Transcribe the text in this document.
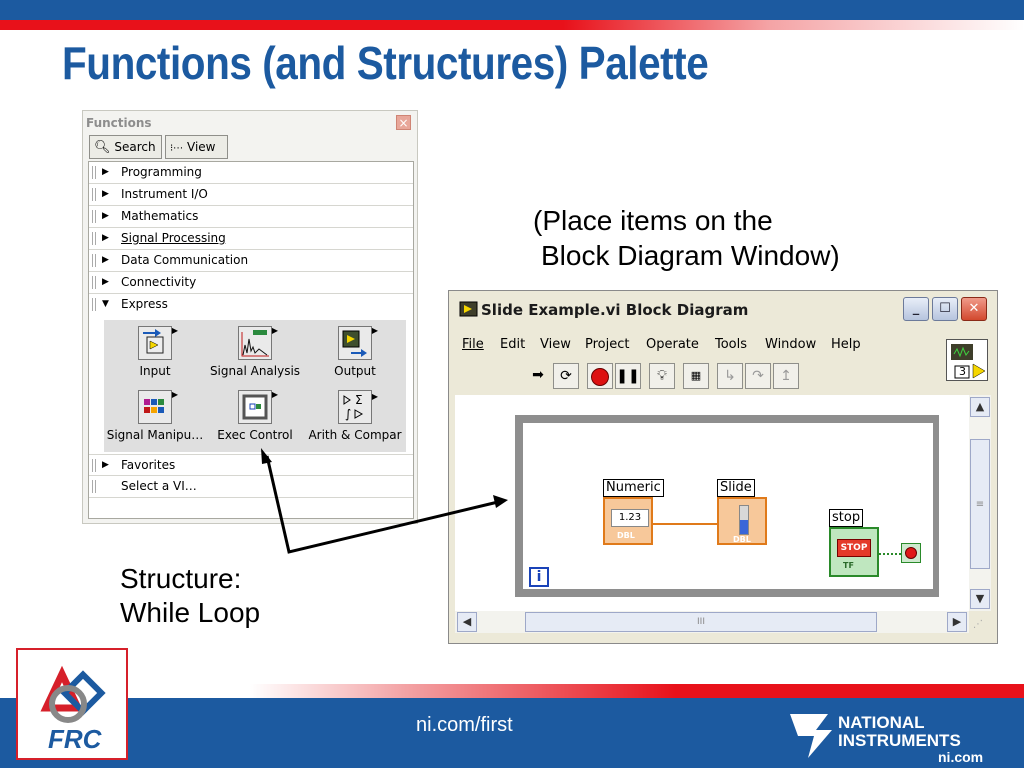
Functions (and Structures) Palette
Functions	×
🔍︎ Search	⁝⋯ View
▶ Programming
▶ Instrument I/O
▶ Mathematics
▶ Signal Processing
▶ Data Communication
▶ Connectivity
▼ Express
▶
Input
▶
Signal Analysis
▶
Output
▶
Signal Manipu…
▶
Exec Control
Σ
∫
▶
Arith & Compar
▶ Favorites
Select a VI…
(Place items on the
Block Diagram Window)
Structure:
While Loop
Slide Example.vi Block Diagram	_	☐	✕
File Edit View Project Operate Tools Window Help
3
➡	⟳	❚❚	💡︎	▦	↳	↷	↥
i
Numeric
1.23
DBL
Slide
DBL
stop
STOP
TF
▲
≡
▼
◀	III	▶	⋰
ni.com/first
FRC
NATIONAL
INSTRUMENTS
ni.com
